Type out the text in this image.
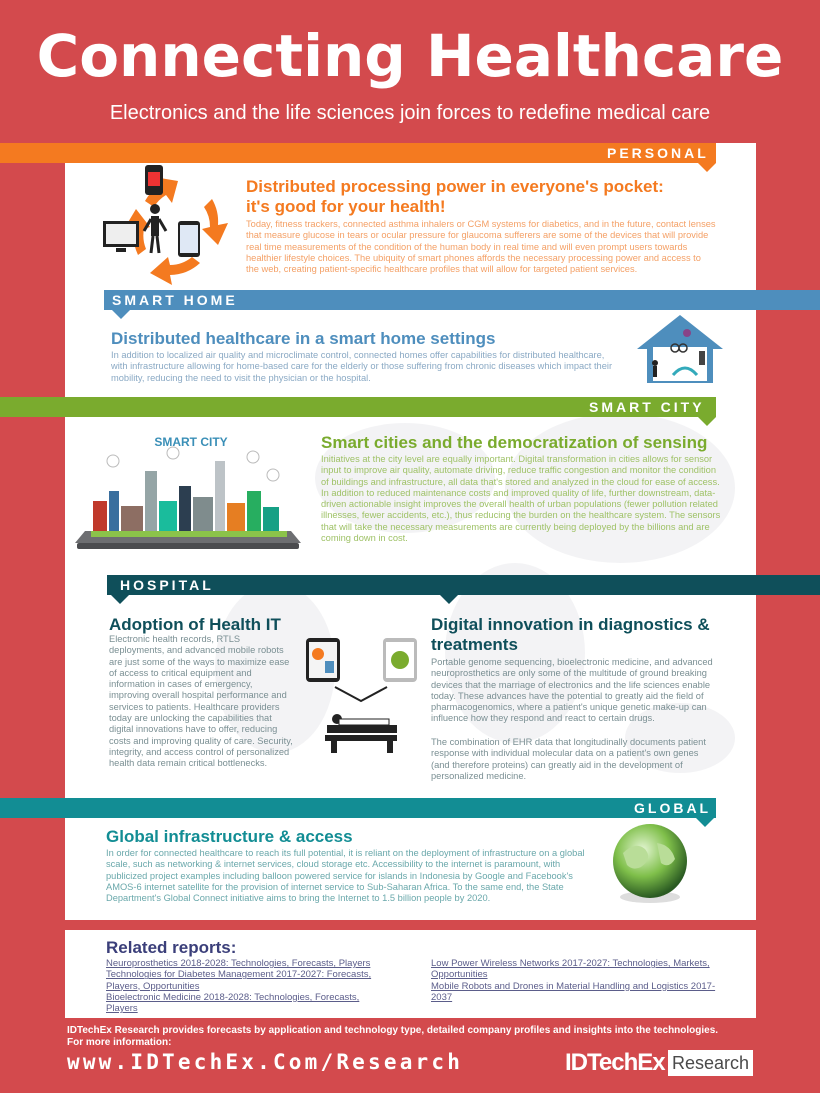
Connecting Healthcare
Electronics and the life sciences join forces to redefine medical care
Distributed processing power in everyone's pocket:
it's good for your health!
Today, fitness trackers, connected asthma inhalers or CGM systems for diabetics, and in the future, contact lenses that measure glucose in tears or ocular pressure for glaucoma sufferers are some of the devices that will provide real time measurements of the condition of the human body in real time and will even prompt users towards healthier lifestyle choices. The ubiquity of smart phones affords the necessary processing power and access to the web, creating patient-specific healthcare profiles that will allow for targeted patient services.
Distributed healthcare in a smart home settings
In addition to localized air quality and microclimate control, connected homes offer capabilities for distributed healthcare, with infrastructure allowing for home-based care for the elderly or those suffering from chronic diseases which impact their mobility, reducing the need to visit the physician or the hospital.
SMART CITY	Smart cities and the democratization of sensing
Initiatives at the city level are equally important. Digital transformation in cities allows for sensor input to improve air quality, automate driving, reduce traffic congestion and monitor the condition of buildings and infrastructure, all data that's stored and analyzed in the cloud for ease of access. In addition to reduced maintenance costs and improved quality of life, further downstream, data-driven actionable insight improves the overall health of urban populations (fewer pollution related illnesses, fewer accidents, etc.), thus reducing the burden on the healthcare system. The sensors that will take the necessary measurements are currently being deployed by the billions and are coming down in cost.
Adoption of Health IT
Electronic health records, RTLS deployments, and advanced mobile robots are just some of the ways to maximize ease of access to critical equipment and information in cases of emergency, improving overall hospital performance and services to patients. Healthcare providers today are unlocking the capabilities that digital innovations have to offer, reducing costs and improving quality of care. Security, integrity, and access control of personalized health data remain critical bottlenecks.
Digital innovation in diagnostics & treatments
Portable genome sequencing, bioelectronic medicine, and advanced neuroprosthetics are only some of the multitude of ground breaking devices that the marriage of electronics and the life sciences enable today. These advances have the potential to greatly aid the field of pharmacogenomics, where a patient's unique genetic make-up can influence how they respond and react to certain drugs.
The combination of EHR data that longitudinally documents patient response with individual molecular data on a patient's own genes (and therefore proteins) can greatly aid in the development of personalized medicine.
Global infrastructure & access
In order for connected healthcare to reach its full potential, it is reliant on the deployment of infrastructure on a global scale, such as networking & internet services, cloud storage etc. Accessibility to the internet is paramount, with publicized project examples including balloon powered service for islands in Indonesia by Google and Facebook's AMOS-6 internet satellite for the provision of internet service to Sub-Saharan Africa. To the same end, the State Department's Global Connect initiative aims to bring the Internet to 1.5 billion people by 2020.
PERSONAL
SMART HOME
SMART CITY
HOSPITAL
GLOBAL
Related reports:
Neuroprosthetics 2018-2028: Technologies, Forecasts, Players
Technologies for Diabetes Management 2017-2027: Forecasts, Players, Opportunities
Bioelectronic Medicine 2018-2028: Technologies, Forecasts, Players
Low Power Wireless Networks 2017-2027: Technologies, Markets, Opportunities
Mobile Robots and Drones in Material Handling and Logistics 2017-2037
IDTechEx Research provides forecasts by application and technology type, detailed company profiles and insights into the technologies.
For more information:
www.IDTechEx.Com/Research	IDTechEx Research
